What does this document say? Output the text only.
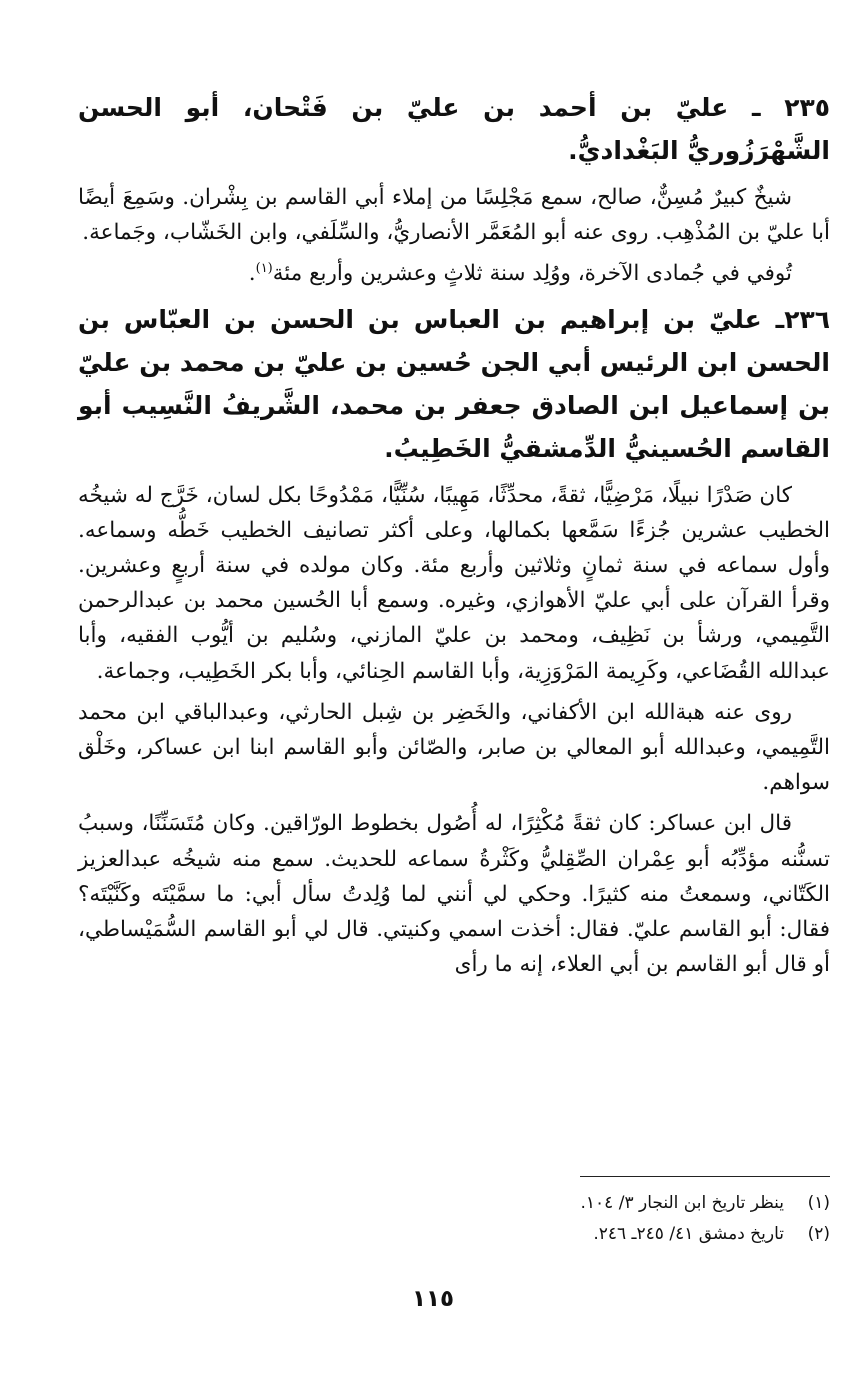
٢٣٥ ـ عليّ بن أحمد بن عليّ بن فَتْحان، أبو الحسن الشَّهْرَزُوريُّ البَغْداديُّ.

شيخٌ كبيرٌ مُسِنٌّ، صالح، سمع مَجْلِسًا من إملاء أبي القاسم بن بِشْران. وسَمِعَ أيضًا أبا عليّ بن المُذْهِب. روى عنه أبو المُعَمَّر الأنصاريُّ، والسِّلَفي، وابن الخَشّاب، وجَماعة.

تُوفي في جُمادى الآخرة، ووُلِد سنة ثلاثٍ وعشرين وأربع مئة$^{(١)}$.

٢٣٦ـ عليّ بن إبراهيم بن العباس بن الحسن بن العبّاس بن الحسن ابن الرئيس أبي الجن حُسين بن عليّ بن محمد بن عليّ بن إسماعيل ابن الصادق جعفر بن محمد، الشَّريفُ النَّسِيب أبو القاسم الحُسينيُّ الدِّمشقيُّ الخَطِيبُ.

كان صَدْرًا نبيلًا، مَرْضِيًّا، ثقةً، محدِّثًا، مَهِيبًا، سُنِّيًّا، مَمْدُوحًا بكل لسان، خَرَّج له شيخُه الخطيب عشرين جُزءًا سَمَّعها بكمالها، وعلى أكثر تصانيف الخطيب خَطُّه وسماعه. وأول سماعه في سنة ثمانٍ وثلاثين وأربع مئة. وكان مولده في سنة أربعٍ وعشرين. وقرأ القرآن على أبي عليّ الأهوازي، وغيره. وسمع أبا الحُسين محمد بن عبدالرحمن التَّمِيمي، ورشأ بن نَظِيف، ومحمد بن عليّ المازني، وسُليم بن أيُّوب الفقيه، وأبا عبدالله القُضَاعي، وكَرِيمة المَرْوَزِية، وأبا القاسم الحِنائي، وأبا بكر الخَطِيب، وجماعة.

روى عنه هبةالله ابن الأكفاني، والخَضِر بن شِبل الحارثي، وعبدالباقي ابن محمد التَّمِيمي، وعبدالله أبو المعالي بن صابر، والصّائن وأبو القاسم ابنا ابن عساكر، وخَلْق سواهم.

قال ابن عساكر: كان ثقةً مُكْثِرًا، له أُصُول بخطوط الورّاقين. وكان مُتَسَنِّنًا، وسببُ تسنُّنه مؤدِّبُه أبو عِمْران الصِّقِليُّ وكَثْرةُ سماعه للحديث. سمع منه شيخُه عبدالعزيز الكَتّاني، وسمعتُ منه كثيرًا. وحكي لي أنني لما وُلِدتُ سأل أبي: ما سمَّيْتَه وكَنَّيْتَه؟ فقال: أبو القاسم عليّ. فقال: أخذت اسمي وكنيتي. قال لي أبو القاسم السُّمَيْساطي، أو قال أبو القاسم بن أبي العلاء، إنه ما رأى

(١)ينظر تاريخ ابن النجار ٣/ ١٠٤.

(٢)تاريخ دمشق ٤١/ ٢٤٥ـ ٢٤٦.

١١٥
